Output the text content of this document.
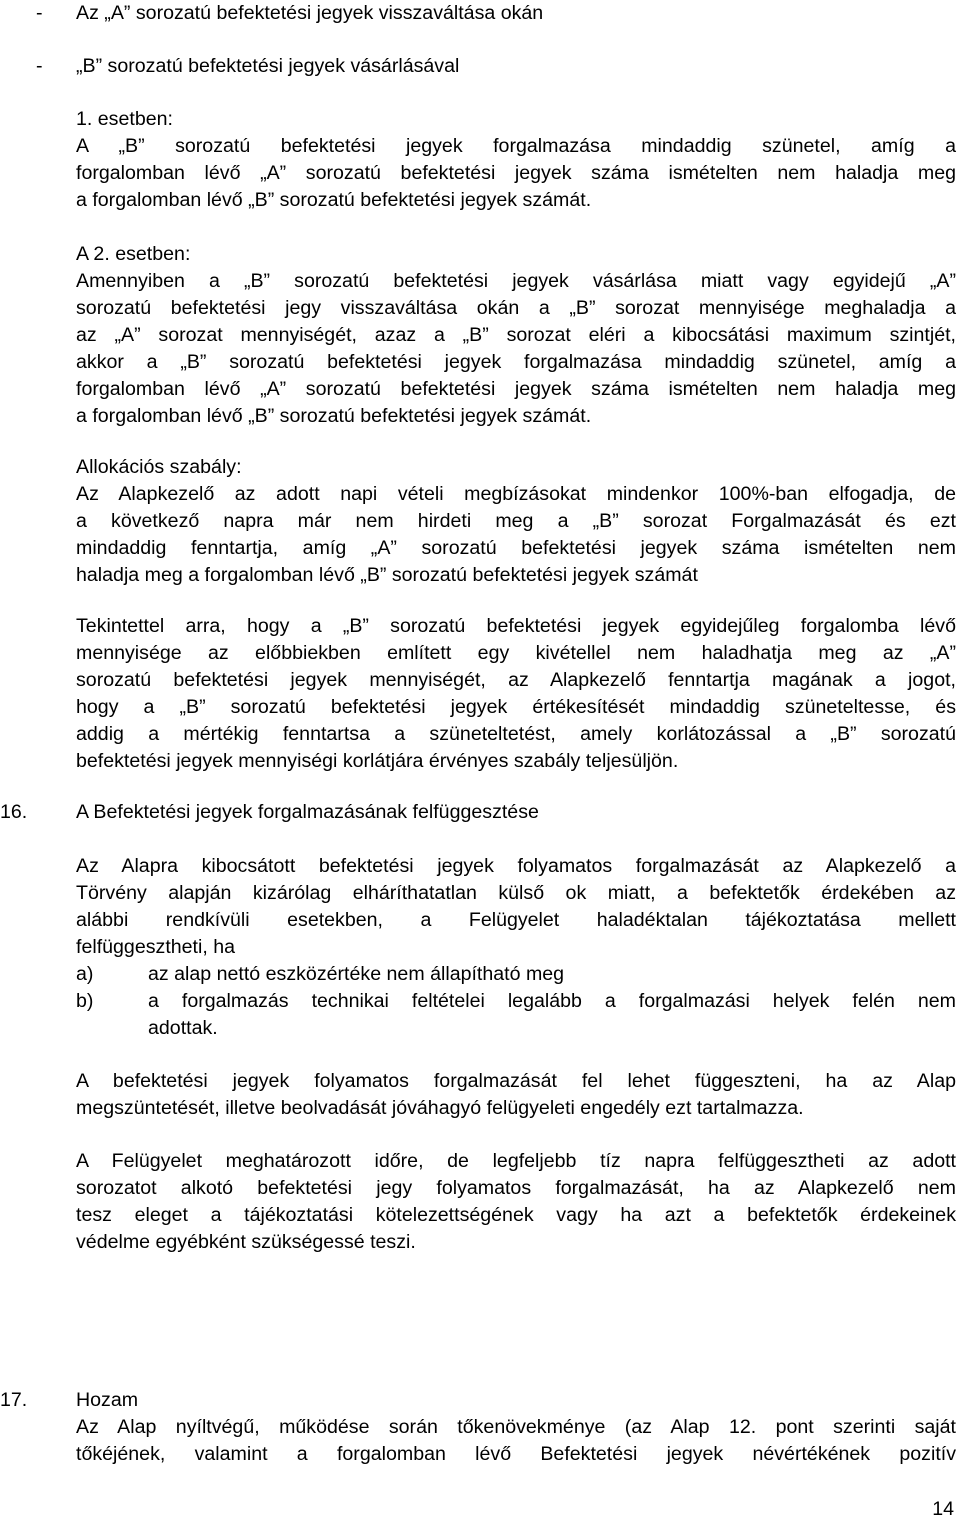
- Az „A” sorozatú befektetési jegyek visszaváltása okán
- „B” sorozatú befektetési jegyek vásárlásával
1. esetben:
A „B” sorozatú befektetési jegyek forgalmazása mindaddig szünetel, amíg a
forgalomban lévő „A” sorozatú befektetési jegyek száma ismételten nem haladja meg
a forgalomban lévő „B” sorozatú befektetési jegyek számát.
A 2. esetben:
Amennyiben a „B” sorozatú befektetési jegyek vásárlása miatt vagy egyidejű „A”
sorozatú befektetési jegy visszaváltása okán a „B” sorozat mennyisége meghaladja a
az „A” sorozat mennyiségét, azaz a „B” sorozat eléri a kibocsátási maximum szintjét,
akkor a „B” sorozatú befektetési jegyek forgalmazása mindaddig szünetel, amíg a
forgalomban lévő „A” sorozatú befektetési jegyek száma ismételten nem haladja meg
a forgalomban lévő „B” sorozatú befektetési jegyek számát.
Allokációs szabály:
Az Alapkezelő az adott napi vételi megbízásokat mindenkor 100%-ban elfogadja, de
a következő napra már nem hirdeti meg a „B” sorozat Forgalmazását és ezt
mindaddig fenntartja, amíg „A” sorozatú befektetési jegyek száma ismételten nem
haladja meg a forgalomban lévő „B” sorozatú befektetési jegyek számát
Tekintettel arra, hogy a „B” sorozatú befektetési jegyek egyidejűleg forgalomba lévő
mennyisége az előbbiekben említett egy kivétellel nem haladhatja meg az „A”
sorozatú befektetési jegyek mennyiségét, az Alapkezelő fenntartja magának a jogot,
hogy a „B” sorozatú befektetési jegyek értékesítését mindaddig szüneteltesse, és
addig a mértékig fenntartsa a szüneteltetést, amely korlátozással a „B” sorozatú
befektetési jegyek mennyiségi korlátjára érvényes szabály teljesüljön.
16. A Befektetési jegyek forgalmazásának felfüggesztése
Az Alapra kibocsátott befektetési jegyek folyamatos forgalmazását az Alapkezelő a
Törvény alapján kizárólag elháríthatatlan külső ok miatt, a befektetők érdekében az
alábbi rendkívüli esetekben, a Felügyelet haladéktalan tájékoztatása mellett
felfüggesztheti, ha
a)	az alap nettó eszközértéke nem állapítható meg
b)	a forgalmazás technikai feltételei legalább a forgalmazási helyek felén nem
adottak.
A befektetési jegyek folyamatos forgalmazását fel lehet függeszteni, ha az Alap
megszüntetését, illetve beolvadását jóváhagyó felügyeleti engedély ezt tartalmazza.
A Felügyelet meghatározott időre, de legfeljebb tíz napra felfüggesztheti az adott
sorozatot alkotó befektetési jegy folyamatos forgalmazását, ha az Alapkezelő nem
tesz eleget a tájékoztatási kötelezettségének vagy ha azt a befektetők érdekeinek
védelme egyébként szükségessé teszi.
17. Hozam
Az Alap nyíltvégű, működése során tőkenövekménye (az Alap 12. pont szerinti saját
tőkéjének, valamint a forgalomban lévő Befektetési jegyek névértékének pozitív
14
